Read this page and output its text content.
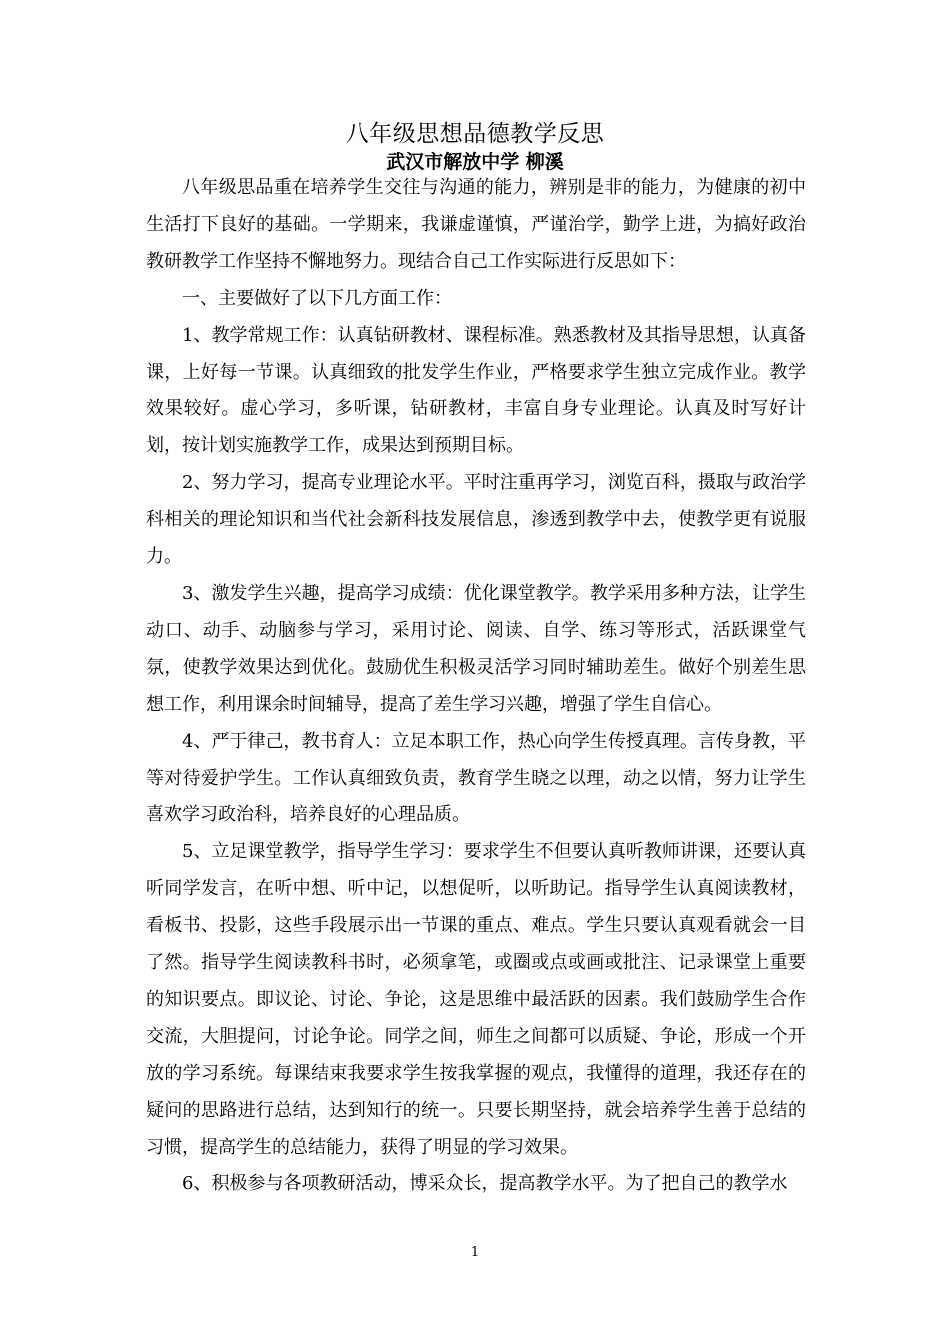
八年级思想品德教学反思
武汉市解放中学 柳溪

八年级思品重在培养学生交往与沟通的能力，辨别是非的能力，为健康的初中生活打下良好的基础。一学期来，我谦虚谨慎，严谨治学，勤学上进，为搞好政治教研教学工作坚持不懈地努力。现结合自己工作实际进行反思如下：

一、主要做好了以下几方面工作：

1、教学常规工作：认真钻研教材、课程标准。熟悉教材及其指导思想，认真备课，上好每一节课。认真细致的批发学生作业，严格要求学生独立完成作业。教学效果较好。虚心学习，多听课，钻研教材，丰富自身专业理论。认真及时写好计划，按计划实施教学工作，成果达到预期目标。

2、努力学习，提高专业理论水平。平时注重再学习，浏览百科，摄取与政治学科相关的理论知识和当代社会新科技发展信息，渗透到教学中去，使教学更有说服力。

3、激发学生兴趣，提高学习成绩：优化课堂教学。教学采用多种方法，让学生动口、动手、动脑参与学习，采用讨论、阅读、自学、练习等形式，活跃课堂气氛，使教学效果达到优化。鼓励优生积极灵活学习同时辅助差生。做好个别差生思想工作，利用课余时间辅导，提高了差生学习兴趣，增强了学生自信心。

4、严于律己，教书育人：立足本职工作，热心向学生传授真理。言传身教，平等对待爱护学生。工作认真细致负责，教育学生晓之以理，动之以情，努力让学生喜欢学习政治科，培养良好的心理品质。

5、立足课堂教学，指导学生学习：要求学生不但要认真听教师讲课，还要认真听同学发言，在听中想、听中记，以想促听，以听助记。指导学生认真阅读教材，看板书、投影，这些手段展示出一节课的重点、难点。学生只要认真观看就会一目了然。指导学生阅读教科书时，必须拿笔，或圈或点或画或批注、记录课堂上重要的知识要点。即议论、讨论、争论，这是思维中最活跃的因素。我们鼓励学生合作交流，大胆提问，讨论争论。同学之间，师生之间都可以质疑、争论，形成一个开放的学习系统。每课结束我要求学生按我掌握的观点，我懂得的道理，我还存在的疑问的思路进行总结，达到知行的统一。只要长期坚持，就会培养学生善于总结的习惯，提高学生的总结能力，获得了明显的学习效果。

6、积极参与各项教研活动，博采众长，提高教学水平。为了把自己的教学水

1
